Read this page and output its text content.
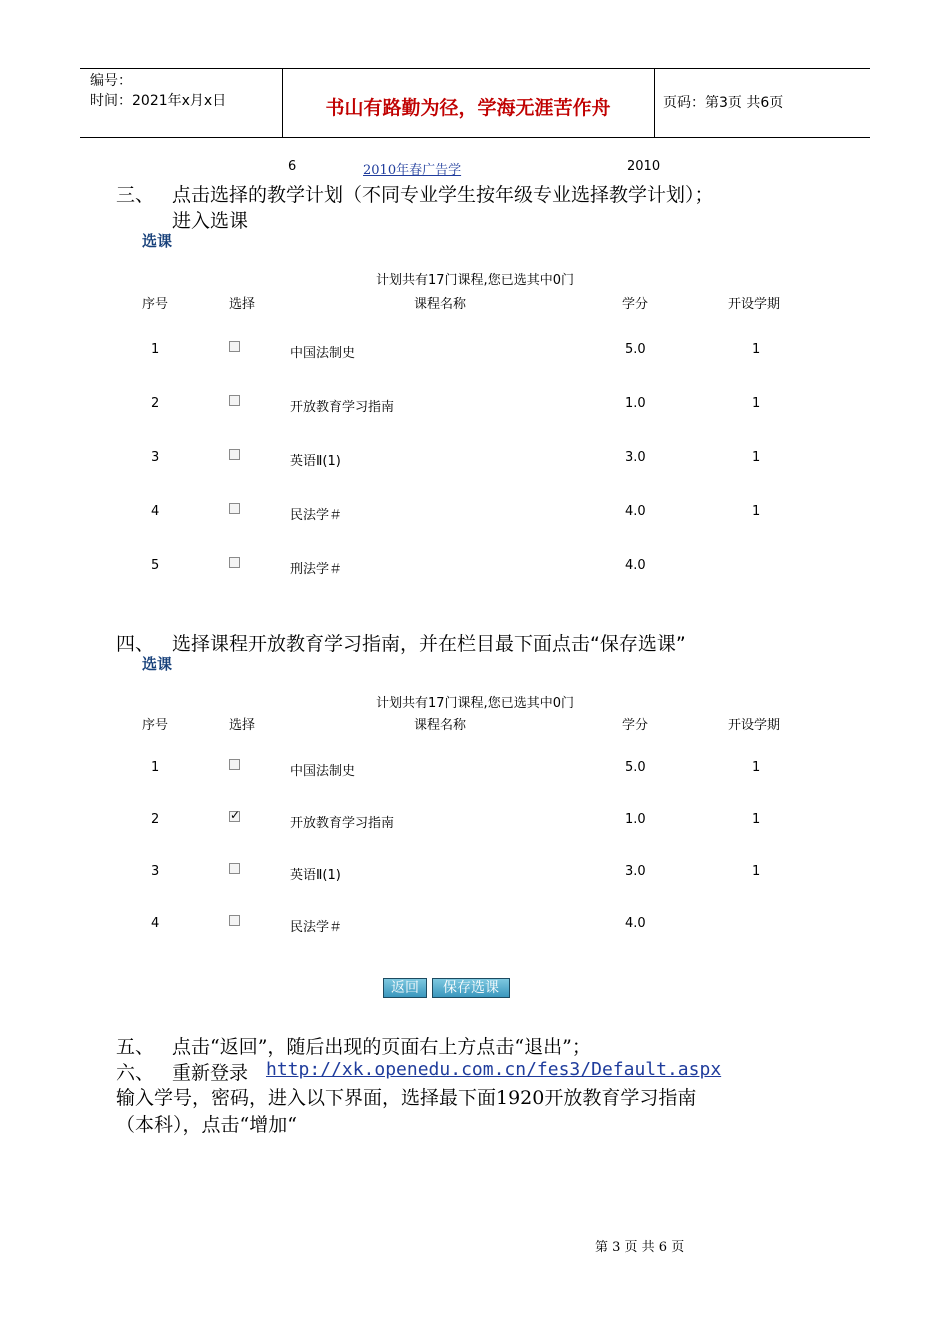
编号：
时间：2021年x月x日	书山有路勤为径，学海无涯苦作舟	页码：第3页 共6页
6	2010年春广告学	2010
三、 点击选择的教学计划（不同专业学生按年级专业选择教学计划）；
进入选课
选课
计划共有17门课程,您已选其中0门
序号	选择	课程名称	学分	开设学期
1	中国法制史	5.0	1
2	开放教育学习指南	1.0	1
3	英语Ⅱ(1)	3.0	1
4	民法学＃	4.0	1
5	刑法学＃	4.0
四、 选择课程开放教育学习指南，并在栏目最下面点击“保存选课”
选课
计划共有17门课程,您已选其中0门
序号	选择	课程名称	学分	开设学期
1	中国法制史	5.0	1
2
✓	开放教育学习指南	1.0	1
3	英语Ⅱ(1)	3.0	1
4	民法学＃	4.0
返回	保存选课
五、 点击“返回”，随后出现的页面右上方点击“退出”；
六、 重新登录 http://xk.openedu.com.cn/fes3/Default.aspx
输入学号，密码，进入以下界面，选择最下面1920开放教育学习指南
（本科），点击“增加“
第 3 页 共 6 页
